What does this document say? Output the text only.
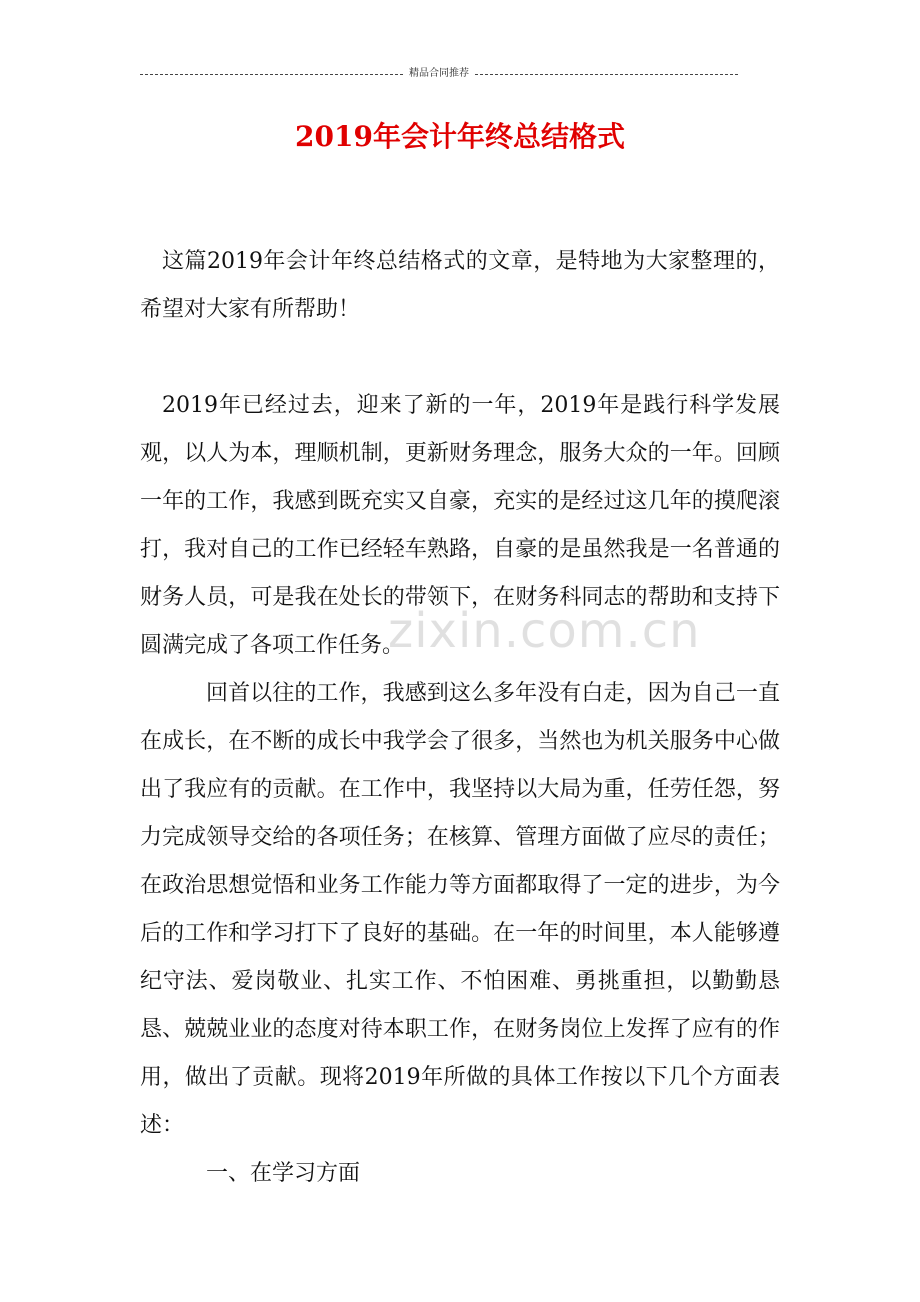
精品合同推荐
2019年会计年终总结格式

这篇2019年会计年终总结格式的文章，是特地为大家整理的，希望对大家有所帮助！

2019年已经过去，迎来了新的一年，2019年是践行科学发展观，以人为本，理顺机制，更新财务理念，服务大众的一年。回顾一年的工作，我感到既充实又自豪，充实的是经过这几年的摸爬滚打，我对自己的工作已经轻车熟路，自豪的是虽然我是一名普通的财务人员，可是我在处长的带领下，在财务科同志的帮助和支持下圆满完成了各项工作任务。

回首以往的工作，我感到这么多年没有白走，因为自己一直在成长，在不断的成长中我学会了很多，当然也为机关服务中心做出了我应有的贡献。在工作中，我坚持以大局为重，任劳任怨，努力完成领导交给的各项任务；在核算、管理方面做了应尽的责任；在政治思想觉悟和业务工作能力等方面都取得了一定的进步，为今后的工作和学习打下了良好的基础。在一年的时间里，本人能够遵纪守法、爱岗敬业、扎实工作、不怕困难、勇挑重担，以勤勤恳恳、兢兢业业的态度对待本职工作，在财务岗位上发挥了应有的作用，做出了贡献。现将2019年所做的具体工作按以下几个方面表述：

一、在学习方面

zixin.com.cn
